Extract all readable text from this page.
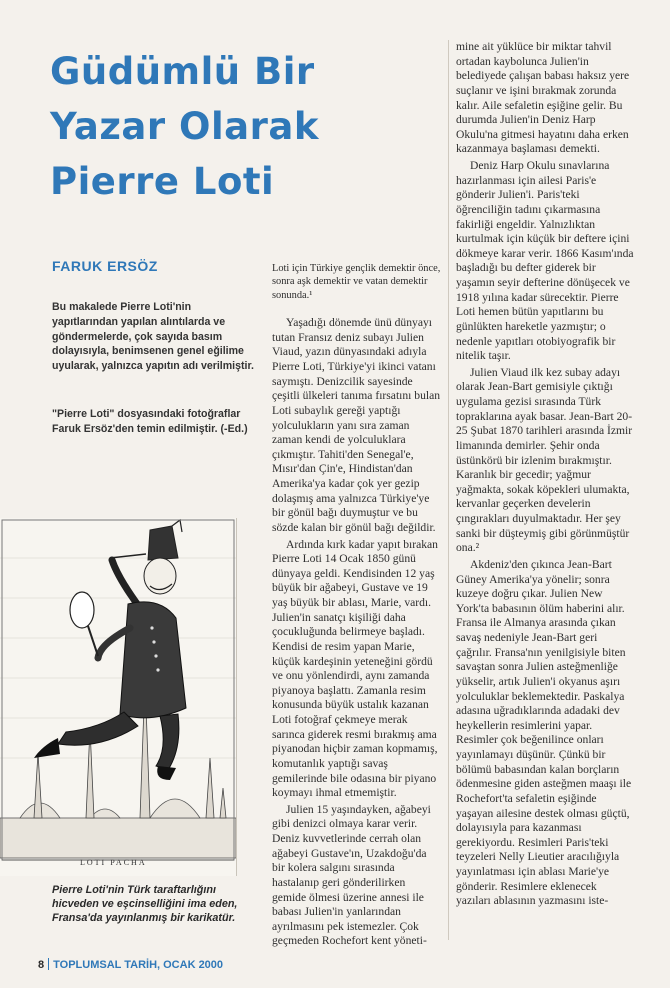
Güdümlü Bir Yazar Olarak Pierre Loti
FARUK ERSÖZ

Bu makalede Pierre Loti'nin yapıtlarından yapılan alıntılarda ve göndermelerde, çok sayıda basım dolayısıyla, benimsenen genel eğilime uyularak, yalnızca yapıtın adı verilmiştir.

"Pierre Loti" dosyasındaki fotoğraflar Faruk Ersöz'den temin edilmiştir. (-Ed.)

LOTI PACHA

Pierre Loti'nin Türk taraftarlığını hicveden ve eşcinselliğini ima eden, Fransa'da yayınlanmış bir karikatür.

Loti için Türkiye gençlik demektir önce, sonra aşk demektir ve vatan demektir sonunda.¹

Yaşadığı dönemde ünü dünyayı tutan Fransız deniz subayı Julien Viaud, yazın dünyasındaki adıyla Pierre Loti, Türkiye'yi ikinci vatanı saymıştı. Denizcilik sayesinde çeşitli ülkeleri tanıma fırsatını bulan Loti subaylık gereği yaptığı yolculukların yanı sıra zaman zaman kendi de yolculuklara çıkmıştır. Tahiti'den Senegal'e, Mısır'dan Çin'e, Hindistan'dan Amerika'ya kadar çok yer gezip dolaşmış ama yalnızca Türkiye'ye bir gönül bağı duymuştur ve bu sözde kalan bir gönül bağı değildir.

Ardında kırk kadar yapıt bırakan Pierre Loti 14 Ocak 1850 günü dünyaya geldi. Kendisinden 12 yaş büyük bir ağabeyi, Gustave ve 19 yaş büyük bir ablası, Marie, vardı. Julien'in sanatçı kişiliği daha çocukluğunda belirmeye başladı. Kendisi de resim yapan Marie, küçük kardeşinin yeteneğini gördü ve onu yönlendirdi, aynı zamanda piyanoya başlattı. Zamanla resim konusunda büyük ustalık kazanan Loti fotoğraf çekmeye merak sarınca giderek resmi bırakmış ama piyanodan hiçbir zaman kopmamış, komutanlık yaptığı savaş gemilerinde bile odasına bir piyano koymayı ihmal etmemiştir.

Julien 15 yaşındayken, ağabeyi gibi denizci olmaya karar verir. Deniz kuvvetlerinde cerrah olan ağabeyi Gustave'ın, Uzakdoğu'da bir kolera salgını sırasında hastalanıp geri gönderilirken gemide ölmesi üzerine annesi ile babası Julien'in yanlarından ayrılmasını pek istemezler. Çok geçmeden Rochefort kent yöneti-

mine ait yüklüce bir miktar tahvil ortadan kaybolunca Julien'in belediyede çalışan babası haksız yere suçlanır ve işini bırakmak zorunda kalır. Aile sefaletin eşiğine gelir. Bu durumda Julien'in Deniz Harp Okulu'na gitmesi hayatını daha erken kazanmaya başlaması demekti.

Deniz Harp Okulu sınavlarına hazırlanması için ailesi Paris'e gönderir Julien'i. Paris'teki öğrenciliğin tadını çıkarmasına fakirliği engeldir. Yalnızlıktan kurtulmak için küçük bir deftere içini dökmeye karar verir. 1866 Kasım'ında başladığı bu defter giderek bir yaşamın seyir defterine dönüşecek ve 1918 yılına kadar sürecektir. Pierre Loti hemen bütün yapıtlarını bu günlükten hareketle yazmıştır; o nedenle yapıtları otobiyografik bir nitelik taşır.

Julien Viaud ilk kez subay adayı olarak Jean-Bart gemisiyle çıktığı uygulama gezisi sırasında Türk topraklarına ayak basar. Jean-Bart 20-25 Şubat 1870 tarihleri arasında İzmir limanında demirler. Şehir onda üstünkörü bir izlenim bırakmıştır. Karanlık bir gecedir; yağmur yağmakta, sokak köpekleri ulumakta, kervanlar geçerken develerin çıngırakları duyulmaktadır. Her şey sanki bir düşteymiş gibi görünmüştür ona.²

Akdeniz'den çıkınca Jean-Bart Güney Amerika'ya yönelir; sonra kuzeye doğru çıkar. Julien New York'ta babasının ölüm haberini alır. Fransa ile Almanya arasında çıkan savaş nedeniyle Jean-Bart geri çağrılır. Fransa'nın yenilgisiyle biten savaştan sonra Julien asteğmenliğe yükselir, artık Julien'i okyanus aşırı yolculuklar beklemektedir. Paskalya adasına uğradıklarında adadaki dev heykellerin resimlerini yapar. Resimler çok beğenilince onları yayınlamayı düşünür. Çünkü bir bölümü babasından kalan borçların ödenmesine giden asteğmen maaşı ile Rochefort'ta sefaletin eşiğinde yaşayan ailesine destek olması güçtü, dolayısıyla para kazanması gerekiyordu. Resimleri Paris'teki teyzeleri Nelly Lieutier aracılığıyla yayınlatması için ablası Marie'ye gönderir. Resimlere eklenecek yazıları ablasının yazmasını iste-

8 TOPLUMSAL TARİH, OCAK 2000
